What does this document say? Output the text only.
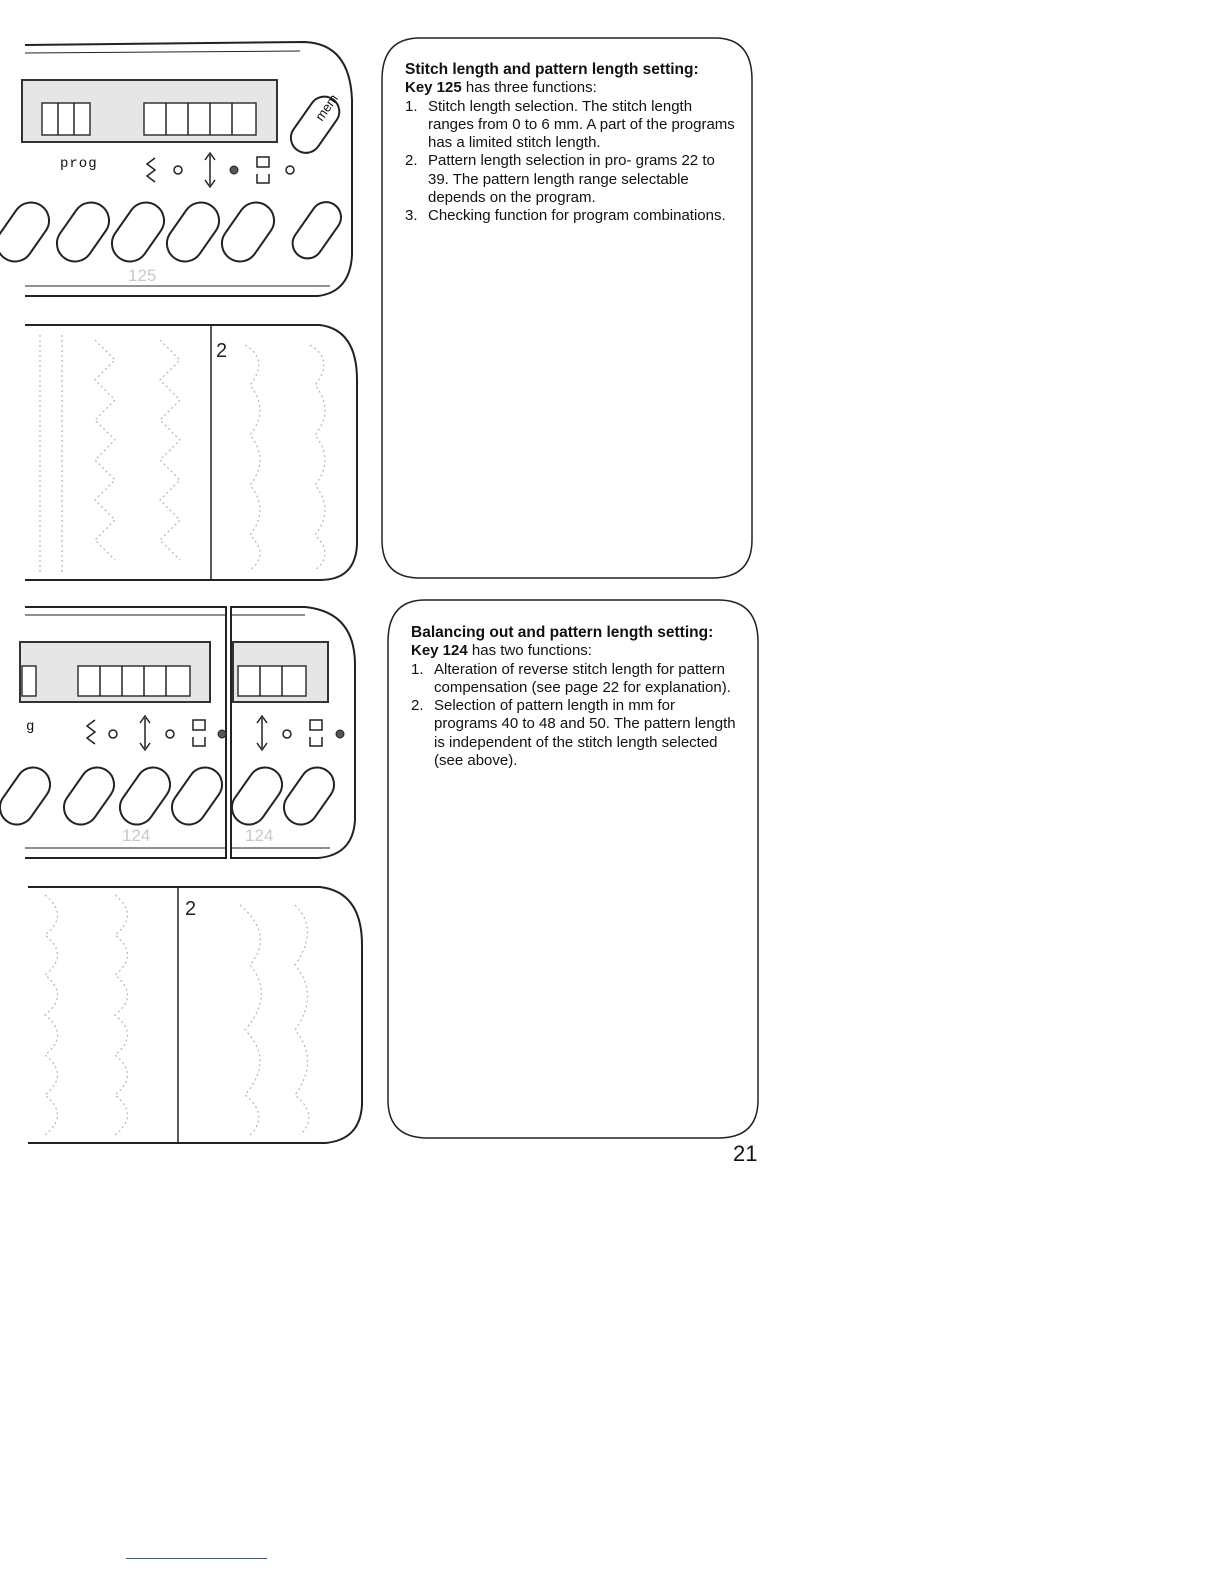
prog
125
mem
2
g
124	124
2
Stitch length and pattern length setting:

Key 125 has three functions:

1. Stitch length selection. The stitch length ranges from 0 to 6 mm. A part of the programs has a limited stitch length.
2. Pattern length selection in pro- grams 22 to 39. The pattern length range selectable depends on the program.
3. Checking function for program combinations.
Balancing out and pattern length setting:

Key 124 has two functions:

1. Alteration of reverse stitch length for pattern compensation (see page 22 for explanation).
2. Selection of pattern length in mm for programs 40 to 48 and 50. The pattern length is independent of the stitch length selected (see above).
21
